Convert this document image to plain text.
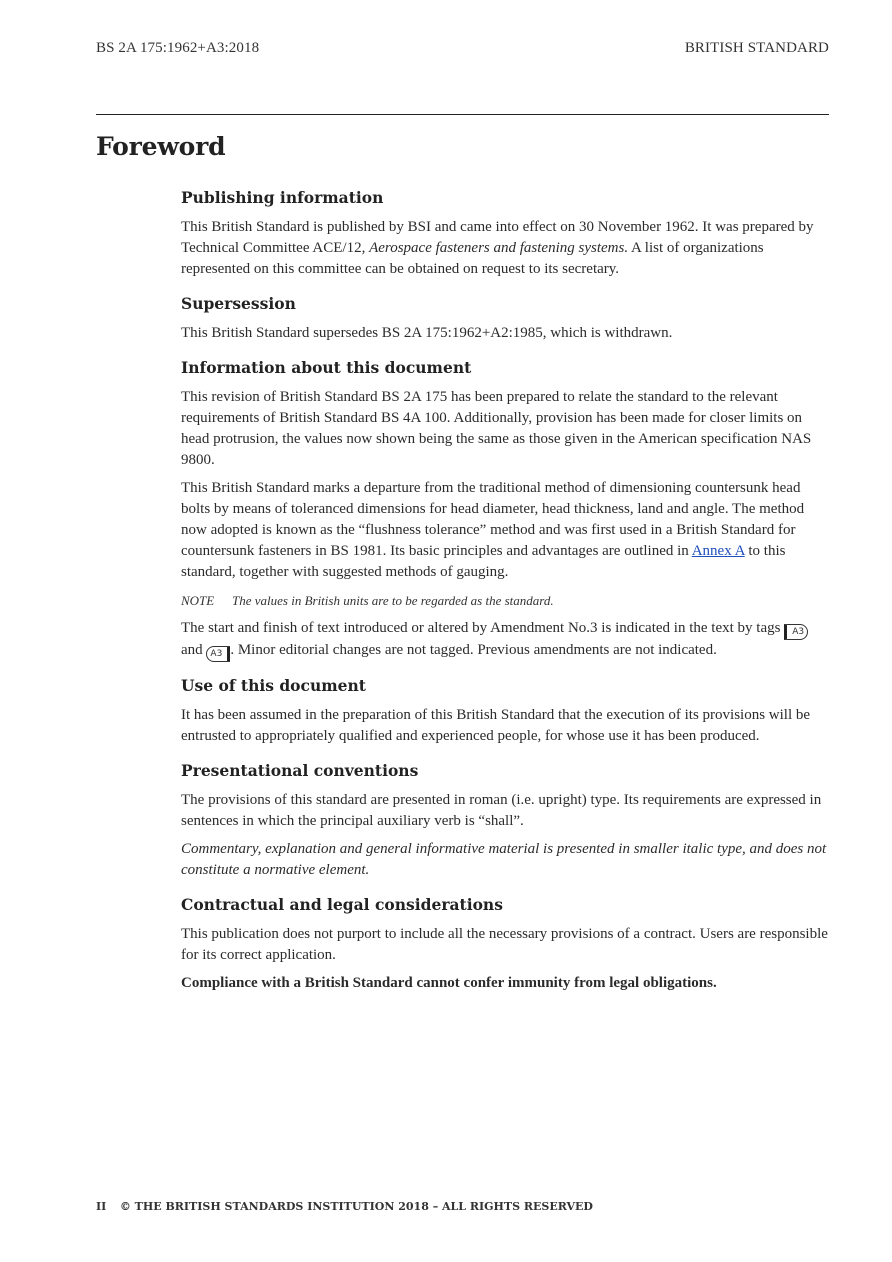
BS 2A 175:1962+A3:2018	BRITISH STANDARD
Foreword
Publishing information

This British Standard is published by BSI and came into effect on 30 November 1962. It was prepared by Technical Committee ACE/12, Aerospace fasteners and fastening systems. A list of organizations represented on this committee can be obtained on request to its secretary.

Supersession

This British Standard supersedes BS 2A 175:1962+A2:1985, which is withdrawn.

Information about this document

This revision of British Standard BS 2A 175 has been prepared to relate the standard to the relevant requirements of British Standard BS 4A 100. Additionally, provision has been made for closer limits on head protrusion, the values now shown being the same as those given in the American specification NAS 9800.

This British Standard marks a departure from the traditional method of dimensioning countersunk head bolts by means of toleranced dimensions for head diameter, head thickness, land and angle. The method now adopted is known as the “flushness tolerance” method and was first used in a British Standard for countersunk fasteners in BS 1981. Its basic principles and advantages are outlined in Annex A to this standard, together with suggested methods of gauging.

NOTE The values in British units are to be regarded as the standard.

The start and finish of text introduced or altered by Amendment No.3 is indicated in the text by tags A3 and A3 . Minor editorial changes are not tagged. Previous amendments are not indicated.

Use of this document

It has been assumed in the preparation of this British Standard that the execution of its provisions will be entrusted to appropriately qualified and experienced people, for whose use it has been produced.

Presentational conventions

The provisions of this standard are presented in roman (i.e. upright) type. Its requirements are expressed in sentences in which the principal auxiliary verb is “shall”.

Commentary, explanation and general informative material is presented in smaller italic type, and does not constitute a normative element.

Contractual and legal considerations

This publication does not purport to include all the necessary provisions of a contract. Users are responsible for its correct application.

Compliance with a British Standard cannot confer immunity from legal obligations.

II © THE BRITISH STANDARDS INSTITUTION 2018 – ALL RIGHTS RESERVED
